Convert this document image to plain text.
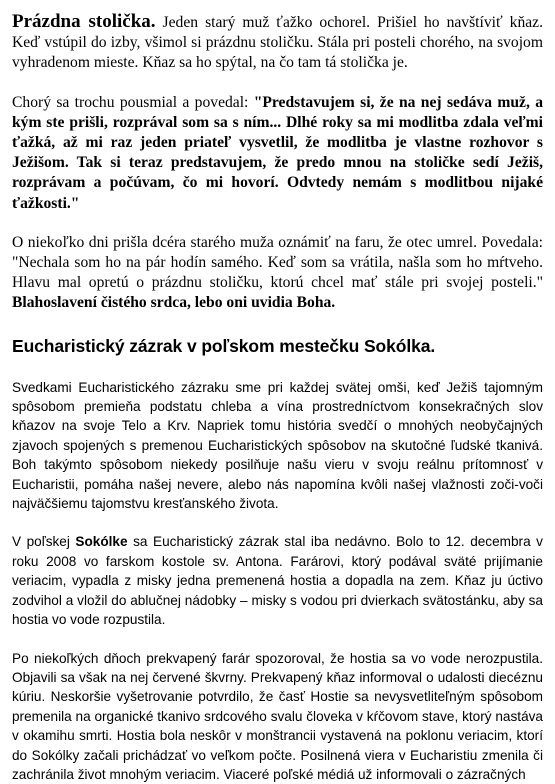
Prázdna stolička. Jeden starý muž ťažko ochorel. Prišiel ho navštíviť kňaz. Keď vstúpil do izby, všimol si prázdnu stoličku. Stála pri posteli chorého, na svojom vyhradenom mieste. Kňaz sa ho spýtal, na čo tam tá stolička je.

Chorý sa trochu pousmial a povedal: "Predstavujem si, že na nej sedáva muž, a kým ste prišli, rozprával som sa s ním... Dlhé roky sa mi modlitba zdala veľmi ťažká, až mi raz jeden priateľ vysvetlil, že modlitba je vlastne rozhovor s Ježišom. Tak si teraz predstavujem, že predo mnou na stoličke sedí Ježiš, rozprávam a počúvam, čo mi hovorí. Odvtedy nemám s modlitbou nijaké ťažkosti."

O niekoľko dni prišla dcéra starého muža oznámiť na faru, že otec umrel. Povedala: "Nechala som ho na pár hodín samého. Keď som sa vrátila, našla som ho mŕtveho. Hlavu mal opretú o prázdnu stoličku, ktorú chcel mať stále pri svojej posteli." Blahoslavení čistého srdca, lebo oni uvidia Boha.

Eucharistický zázrak v poľskom mestečku Sokólka.

Svedkami Eucharistického zázraku sme pri každej svätej omši, keď Ježiš tajomným spôsobom premieňa podstatu chleba a vína prostredníctvom konsekračných slov kňazov na svoje Telo a Krv. Napriek tomu história svedčí o mnohých neobyčajných zjavoch spojených s premenou Eucharistických spôsobov na skutočné ľudské tkanivá. Boh takýmto spôsobom niekedy posilňuje našu vieru v svoju reálnu prítomnosť v Eucharistii, pomáha našej nevere, alebo nás napomína kvôli našej vlažnosti zoči-voči najväčšiemu tajomstvu kresťanského života.

V poľskej Sokólke sa Eucharistický zázrak stal iba nedávno. Bolo to 12. decembra v roku 2008 vo farskom kostole sv. Antona. Farárovi, ktorý podával sväté prijímanie veriacim, vypadla z misky jedna premenená hostia a dopadla na zem. Kňaz ju úctivo zodvihol a vložil do ablučnej nádobky – misky s vodou pri dvierkach svätostánku, aby sa hostia vo vode rozpustila.

Po niekoľkých dňoch prekvapený farár spozoroval, že hostia sa vo vode nerozpustila. Objavili sa však na nej červené škvrny. Prekvapený kňaz informoval o udalosti diecéznu kúriu. Neskoršie vyšetrovanie potvrdilo, že časť Hostie sa nevysvetliteľným spôsobom premenila na organické tkanivo srdcového svalu človeka v kŕčovom stave, ktorý nastáva v okamihu smrti. Hostia bola neskôr v monštrancii vystavená na poklonu veriacim, ktorí do Sokólky začali prichádzať vo veľkom počte. Posilnená viera v Eucharistiu zmenila či zachránila život mnohým veriacim. Viaceré poľské médiá už informovali o zázračných
